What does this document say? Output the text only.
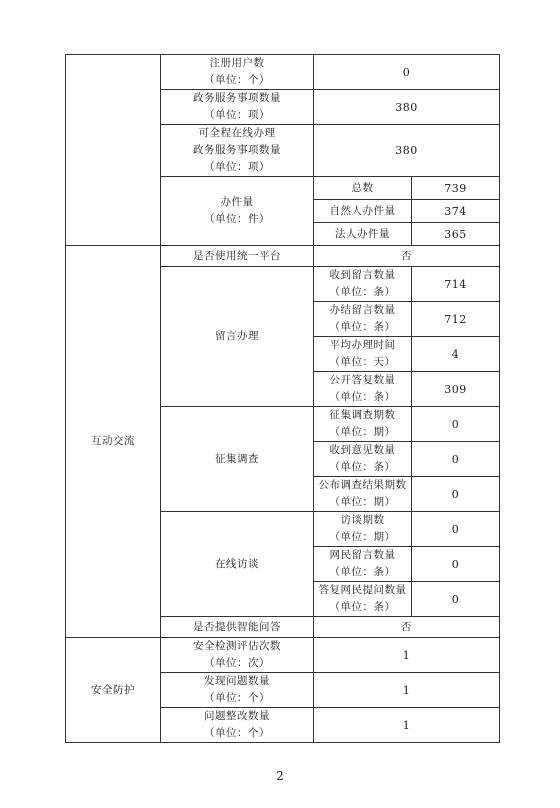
	注册用户数
（单位：个）	0	

	政务服务事项数量
（单位：项）	380	

	可全程在线办理
政务服务事项数量
（单位：项）	380	

	办件量
（单位：件）	总数	739
		自然人办件量	374
		法人办件量	365
互动交流	是否使用统一平台	否	
	留言办理	收到留言数量
（单位：条）	714

		办结留言数量
（单位：条）	712

		平均办理时间
（单位：天）	4

		公开答复数量
（单位：条）	309
	征集调查	征集调查期数
（单位：期）	0

		收到意见数量
（单位：条）	0

		公布调查结果期数
（单位：期）	0
	在线访谈	访谈期数
（单位：期）	0

		网民留言数量
（单位：条）	0

		答复网民提问数量
（单位：条）	0
	是否提供智能问答	否	
安全防护	安全检测评估次数
（单位：次）	1	

	发现问题数量
（单位：个）	1	

	问题整改数量
（单位：个）	1	
2
